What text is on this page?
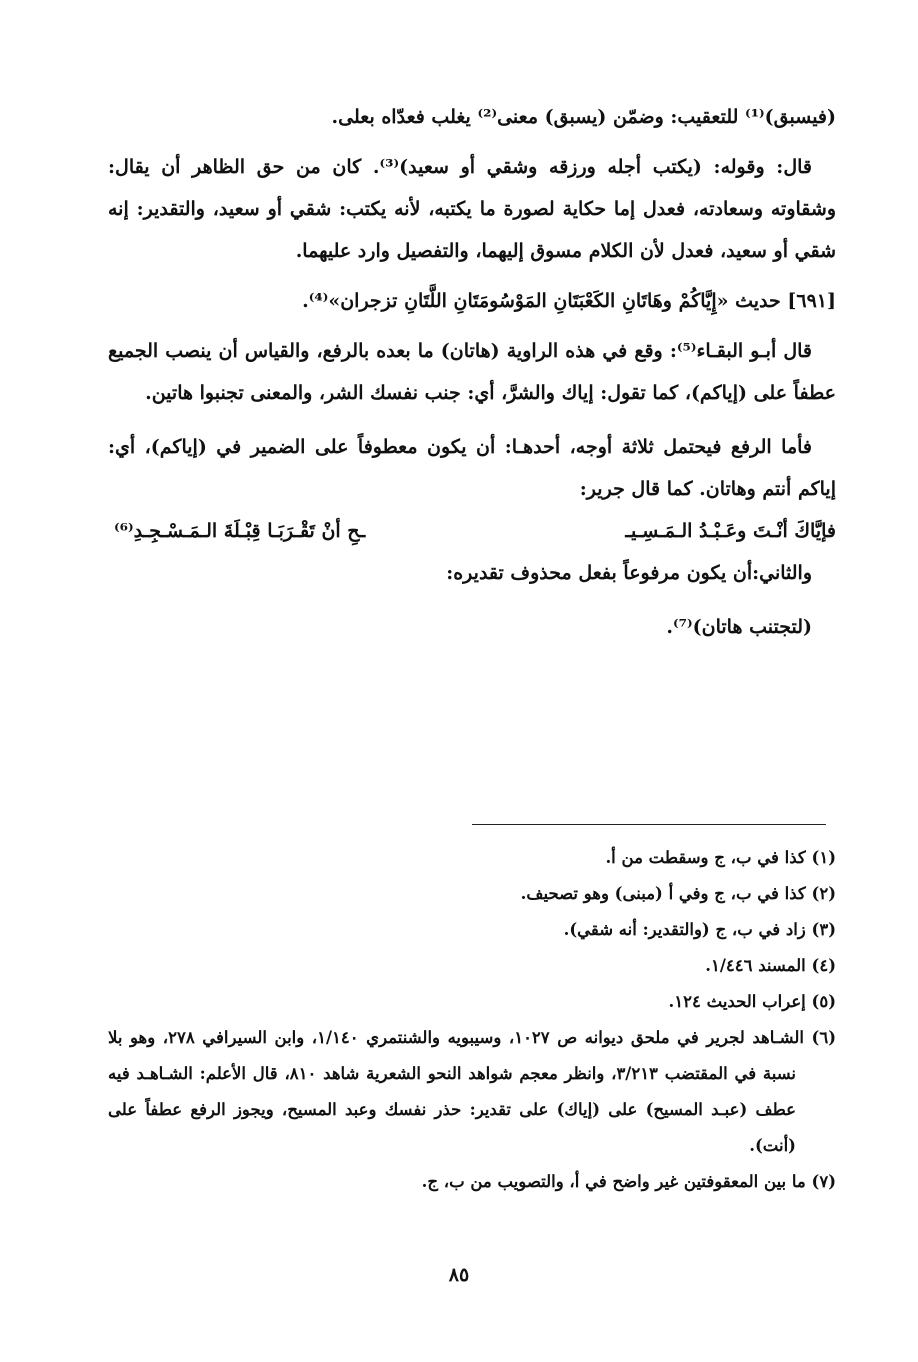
(فيسبق)⁽¹⁾ للتعقيب: وضمّن (يسبق) معنى⁽²⁾ يغلب فعدّاه بعلى.

قال: وقوله: (يكتب أجله ورزقه وشقي أو سعيد)⁽³⁾. كان من حق الظاهر أن يقال: وشقاوته وسعادته، فعدل إما حكاية لصورة ما يكتبه، لأنه يكتب: شقي أو سعيد، والتقدير: إنه شقي أو سعيد، فعدل لأن الكلام مسوق إليهما، والتفصيل وارد عليهما.

[٦٩١] حديث «إِيَّاكُمْ وهَاتَانِ الكَعْبَتَانِ المَوْسُومَتَانِ اللَّتَانِ تزجران»⁽⁴⁾.

قال أبـو البقـاء⁽⁵⁾: وقع في هذه الراوية (هاتان) ما بعده بالرفع، والقياس أن ينصب الجميع عطفاً على (إياكم)، كما تقول: إياك والشرَّ، أي: جنب نفسك الشر، والمعنى تجنبوا هاتين.

فأما الرفع فيحتمل ثلاثة أوجه، أحدهـا: أن يكون معطوفاً على الضمير في (إياكم)، أي: إياكم أنتم وهاتان. كما قال جرير:

فإيَّاكَ أنْـتَ وعَـبْـدُ الـمَـسِـيـ
ـحِ أنْ تَقْـرَبَـا قِبْـلَةَ الـمَـسْـجِـدِ⁽⁶⁾

والثاني:أن يكون مرفوعاً بفعل محذوف تقديره:

(لتجتنب هاتان)⁽⁷⁾.

(١) كذا في ب، ج وسقطت من أ.

(٢) كذا في ب، ج وفي أ (مبنى) وهو تصحيف.

(٣) زاد في ب، ج (والتقدير: أنه شقي).

(٤) المسند ١/٤٤٦.

(٥) إعراب الحديث ١٢٤.

(٦) الشـاهد لجرير في ملحق ديوانه ص ١٠٢٧، وسيبويه والشنتمري ١/١٤٠، وابن السيرافي ٢٧٨، وهو بلا نسبة في المقتضب ٣/٢١٣، وانظر معجم شواهد النحو الشعرية شاهد ٨١٠، قال الأعلم: الشـاهـد فيه عطف (عبـد المسيح) على (إياك) على تقدير: حذر نفسك وعبد المسيح، ويجوز الرفع عطفاً على (أنت).

(٧) ما بين المعقوفتين غير واضح في أ، والتصويب من ب، ج.

٨٥
